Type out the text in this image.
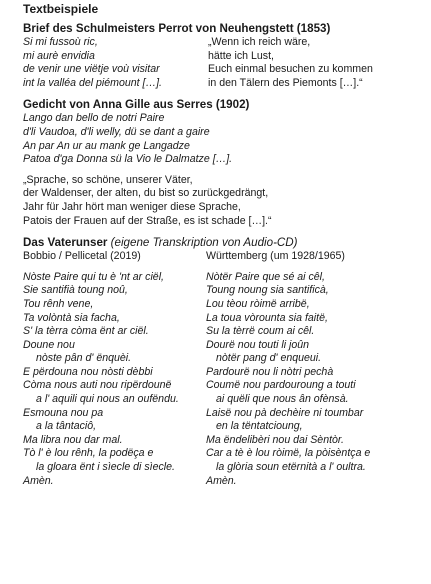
Textbeispiele
Brief des Schulmeisters Perrot von Neuhengstett (1853)
Si mi fussoù ric,
mi aurè envidia
de venir une viëtje voù visitar
int la valléa del piémount […].
„Wenn ich reich wäre,
hätte ich Lust,
Euch einmal besuchen zu kommen
in den Tälern des Piemonts […].“
Gedicht von Anna Gille aus Serres (1902)
Lango dan bello de notri Paire
d'li Vaudoa, d'li welly, dü se dant a gaire
An par An ur au mank ge Langadze
Patoa d'ga Donna sü la Vio le Dalmatze […].
„Sprache, so schöne, unserer Väter,
der Waldenser, der alten, du bist so zurückgedrängt,
Jahr für Jahr hört man weniger diese Sprache,
Patois der Frauen auf der Straße, es ist schade […].“
Das Vaterunser (eigene Transkription von Audio-CD)
Bobbio / Pellicetal (2019)	Württemberg (um 1928/1965)
Nòste Paire qui tu è 'nt ar ciël,
Sie santifià toung noû,
Tou rênh vene,
Ta volòntà sia facha,
S' la tèrra còma ënt ar ciël.
Doune nou
nòste pân d' ënquèi.
E përdouna nou nòsti dèbbi
Còma nous auti nou ripërdounë
a l' aquili qui nous an oufëndu.
Esmouna nou pa
a la tântaciô,
Ma libra nou dar mal.
Tò l' è lou rênh, la podëça e
la gloara ënt i sìecle di sìecle.
Amèn.
Nòtër Paire que sé ai cêl,
Toung noung sia santificà,
Lou tèou ròimë arribë,
La toua vòrounta sia faitë,
Su la tèrrë coum ai cêl.
Dourë nou touti li joûn
nòtër pang d' enqueui.
Pardourë nou li nòtri pechà
Coumë nou pardouroung a touti
ai quëli que nous ân ofènsà.
Laisë nou pà dechèire ni toumbar
en la tëntatcioung,
Ma ëndelibèri nou dai Sèntòr.
Car a tè è lou ròimë, la pòisèntça e
la glòria soun etërnità a l' oultra.
Amèn.
